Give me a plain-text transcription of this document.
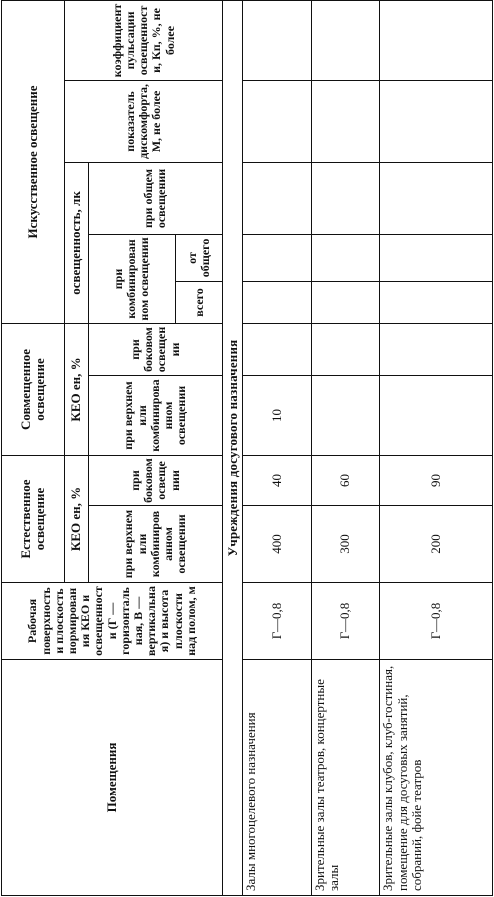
Помещения	Рабочая поверхность и плоскость нормирования КЕО и освещенности (Г — горизонтальная, В — вертикальная) и высота плоскости над полом, м	Естественное освещение		Совмещенное освещение		Искусственное освещение				
		КЕО ен, %		КЕО ен, %		освещенность, лк			показатель дискомфорта, М, не более	коэффициент пульсации освещенности, Кп, %, не более
		при верхнем или комбинированном освещении	при боковом освещении	при верхнем или комбинированном освещении	при боковом освещении	при комбинированном освещении		при общем освещении		
						всего	от общего			
Учреждения досугового назначения										
Залы многоцелевого назначения	Г—0,8	400	40	10						
Зрительные залы театров, концертные залы	Г—0,8	300	60							
Зрительные залы клубов, клуб-гостиная, помещение для досуговых занятий, собраний, фойе театров	Г—0,8	200	90							
